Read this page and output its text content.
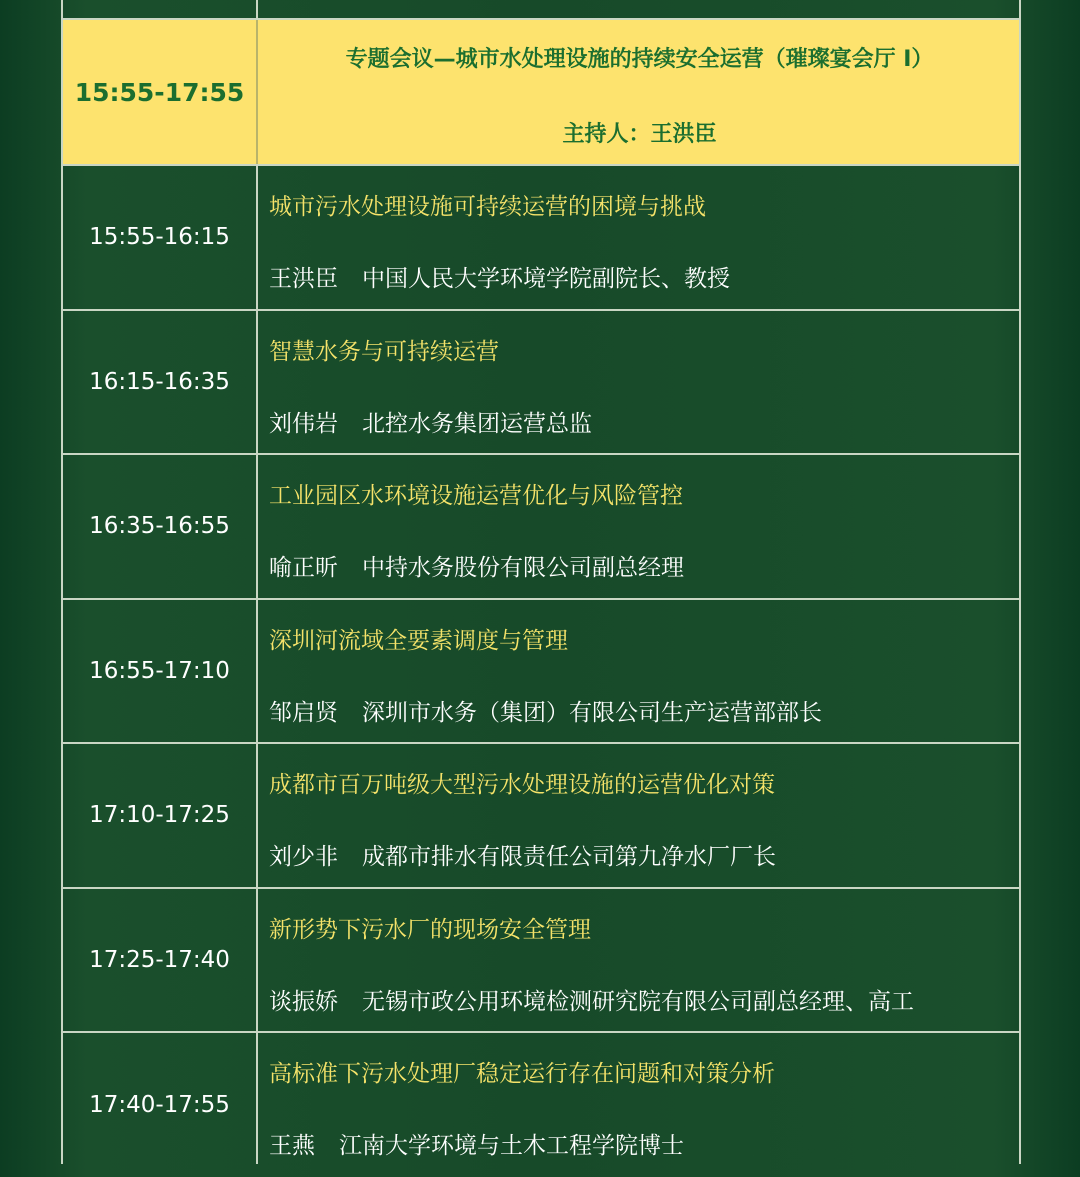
15:55-17:55
专题会议—城市水处理设施的持续安全运营（璀璨宴会厅 I）
主持人：王洪臣
15:55-16:15
城市污水处理设施可持续运营的困境与挑战
王洪臣 中国人民大学环境学院副院长、教授
16:15-16:35
智慧水务与可持续运营
刘伟岩 北控水务集团运营总监
16:35-16:55
工业园区水环境设施运营优化与风险管控
喻正昕 中持水务股份有限公司副总经理
16:55-17:10
深圳河流域全要素调度与管理
邹启贤 深圳市水务（集团）有限公司生产运营部部长
17:10-17:25
成都市百万吨级大型污水处理设施的运营优化对策
刘少非 成都市排水有限责任公司第九净水厂厂长
17:25-17:40
新形势下污水厂的现场安全管理
谈振娇 无锡市政公用环境检测研究院有限公司副总经理、高工
17:40-17:55
高标准下污水处理厂稳定运行存在问题和对策分析
王燕 江南大学环境与土木工程学院博士
